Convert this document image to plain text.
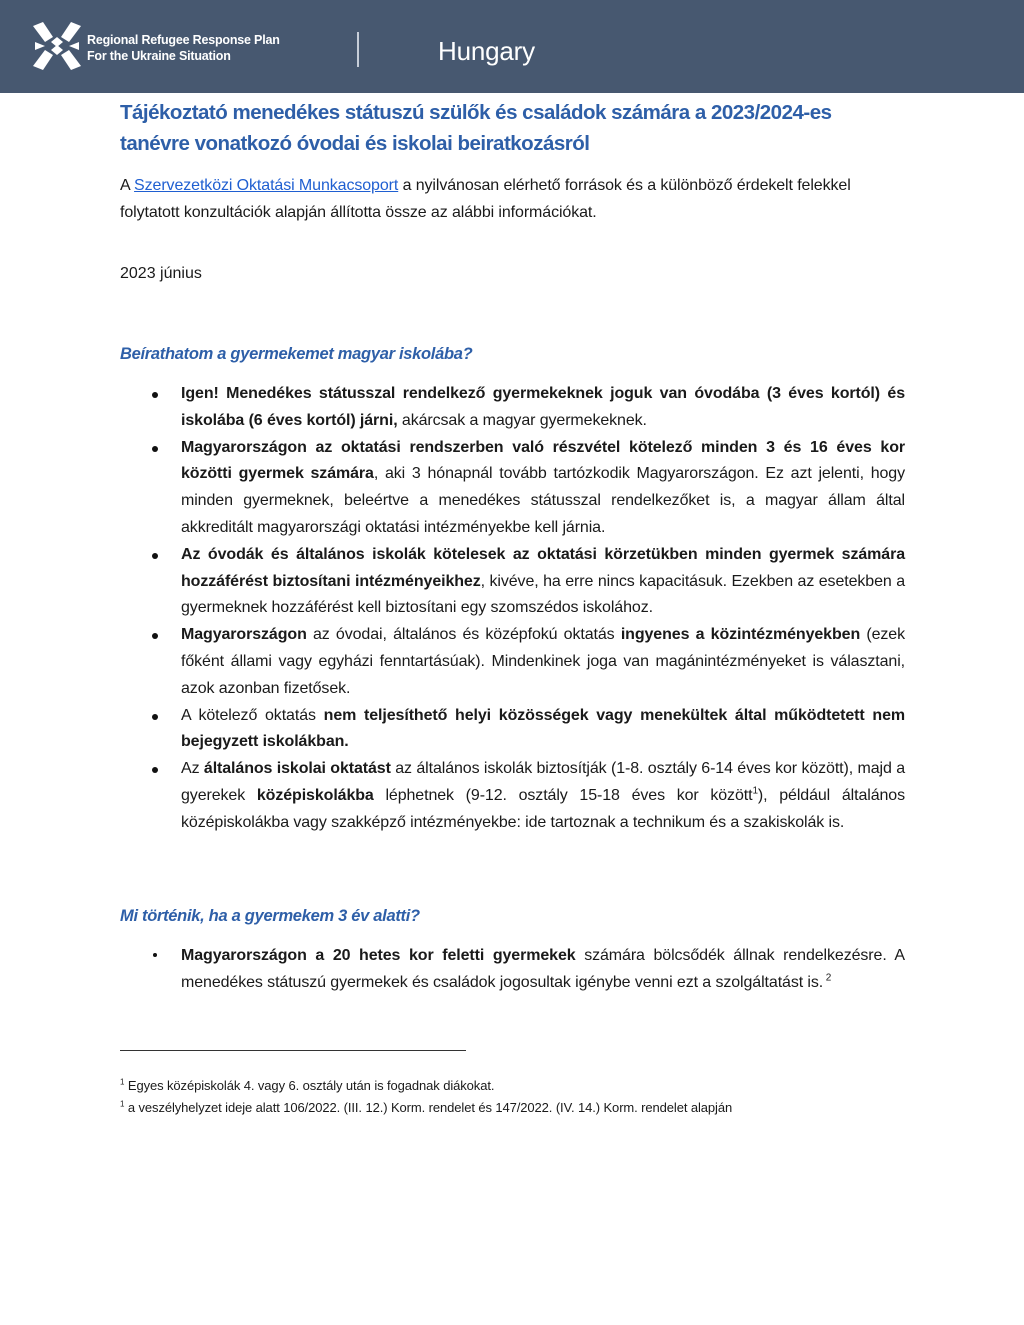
Regional Refugee Response Plan
For the Ukraine Situation	Hungary
Tájékoztató menedékes státuszú szülők és családok számára a 2023/2024-es tanévre vonatkozó óvodai és iskolai beiratkozásról

A Szervezetközi Oktatási Munkacsoport a nyilvánosan elérhető források és a különböző érdekelt felekkel folytatott konzultációk alapján állította össze az alábbi információkat.

2023 június

Beírathatom a gyermekemet magyar iskolába?
Igen! Menedékes státusszal rendelkező gyermekeknek joguk van óvodába (3 éves kortól) és iskolába (6 éves kortól) járni, akárcsak a magyar gyermekeknek.
Magyarországon az oktatási rendszerben való részvétel kötelező minden 3 és 16 éves kor közötti gyermek számára, aki 3 hónapnál tovább tartózkodik Magyarországon. Ez azt jelenti, hogy minden gyermeknek, beleértve a menedékes státusszal rendelkezőket is, a magyar állam által akkreditált magyarországi oktatási intézményekbe kell járnia.
Az óvodák és általános iskolák kötelesek az oktatási körzetükben minden gyermek számára hozzáférést biztosítani intézményeikhez, kivéve, ha erre nincs kapacitásuk. Ezekben az esetekben a gyermeknek hozzáférést kell biztosítani egy szomszédos iskolához.
Magyarországon az óvodai, általános és középfokú oktatás ingyenes a közintézményekben (ezek főként állami vagy egyházi fenntartásúak). Mindenkinek joga van magánintézményeket is választani, azok azonban fizetősek.
A kötelező oktatás nem teljesíthető helyi közösségek vagy menekültek által működtetett nem bejegyzett iskolákban.
Az általános iskolai oktatást az általános iskolák biztosítják (1-8. osztály 6-14 éves kor között), majd a gyerekek középiskolákba léphetnek (9-12. osztály 15-18 éves kor között$^1$), például általános középiskolákba vagy szakképző intézményekbe: ide tartoznak a technikum és a szakiskolák is.
Mi történik, ha a gyermekem 3 év alatti?
Magyarországon a 20 hetes kor feletti gyermekek számára bölcsődék állnak rendelkezésre. A menedékes státuszú gyermekek és családok jogosultak igénybe venni ezt a szolgáltatást is. $^2$

$^1$ Egyes középiskolák 4. vagy 6. osztály után is fogadnak diákokat.

$^1$ a veszélyhelyzet ideje alatt 106/2022. (III. 12.) Korm. rendelet és 147/2022. (IV. 14.) Korm. rendelet alapján
